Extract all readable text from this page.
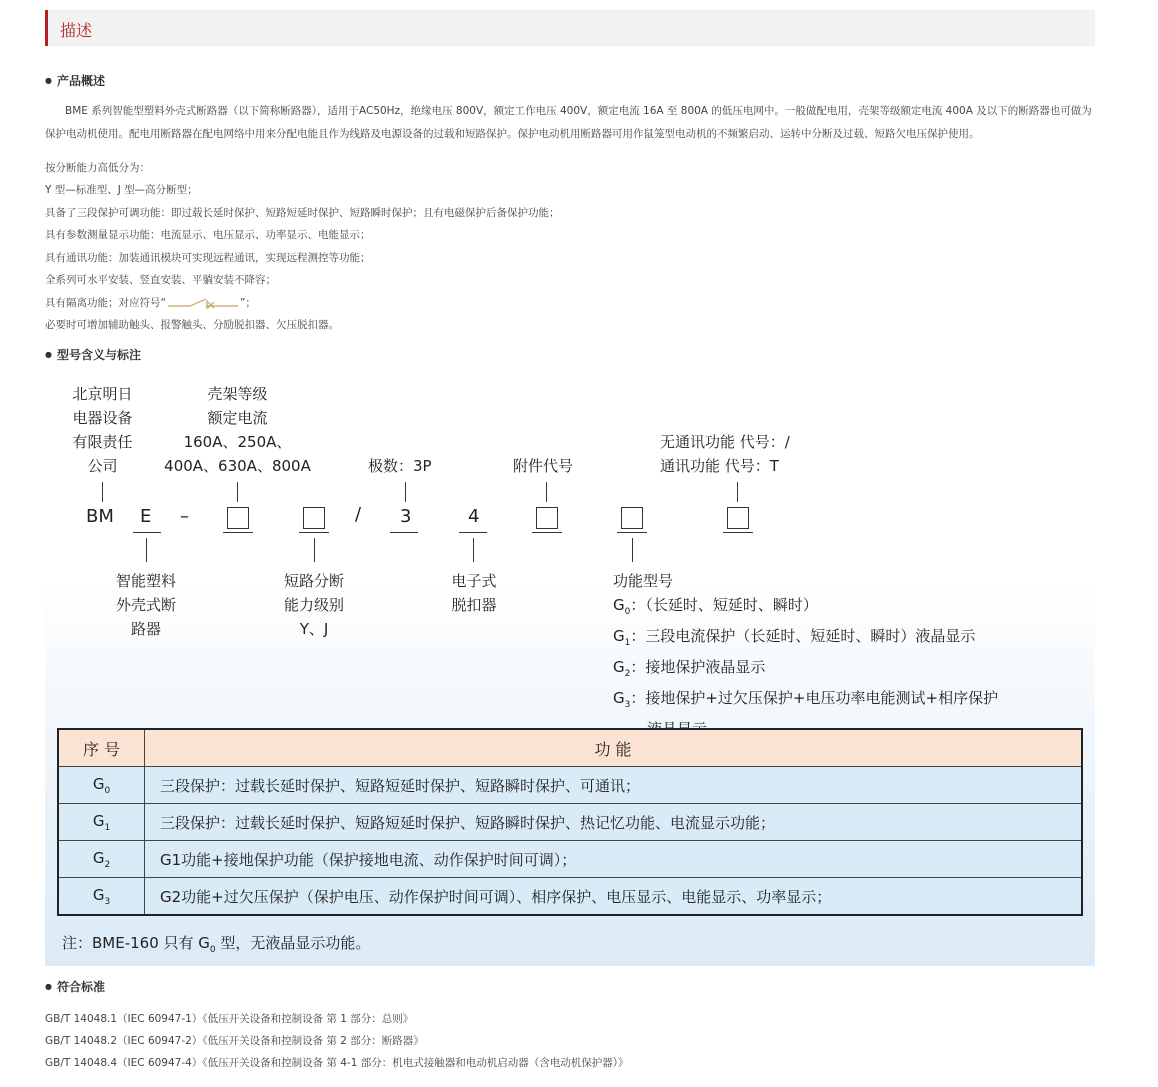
描述
● 产品概述
BME 系列智能型塑料外壳式断路器（以下简称断路器），适用于AC50Hz，绝缘电压 800V，额定工作电压 400V，额定电流 16A 至 800A 的低压电网中。一般做配电用，壳架等级额定电流 400A 及以下的断路器也可做为保护电动机使用。配电用断路器在配电网络中用来分配电能且作为线路及电源设备的过载和短路保护。保护电动机用断路器可用作鼠笼型电动机的不频繁启动、运转中分断及过载、短路欠电压保护使用。
按分断能力高低分为：
Y 型—标准型、J 型—高分断型；
具备了三段保护可调功能：即过载长延时保护、短路短延时保护、短路瞬时保护；且有电磁保护后备保护功能；
具有参数测量显示功能：电流显示、电压显示、功率显示、电能显示；
具有通讯功能：加装通讯模块可实现远程通讯，实现远程测控等功能；
全系列可水平安装、竖直安装、平躺安装不降容；
具有隔离功能；对应符号“	”；
必要时可增加辅助触头、报警触头、分励脱扣器、欠压脱扣器。
● 型号含义与标注
北京明日
电器设备
有限责任
公司
壳架等级
额定电流
160A、250A、
400A、630A、800A	极数：3P	附件代号
无通讯功能 代号：/
通讯功能 代号：T
BM E –	/ 3	4
智能塑料
外壳式断
路器
短路分断
能力级别
Y、J
电子式
脱扣器
功能型号
$G_0$：（长延时、短延时、瞬时）
$G_1$：三段电流保护（长延时、短延时、瞬时）液晶显示
$G_2$：接地保护液晶显示
$G_3$：接地保护+过欠压保护+电压功率电能测试+相序保护
序 号	功 能
$G_0$	三段保护：过载长延时保护、短路短延时保护、短路瞬时保护、可通讯；
$G_1$	三段保护：过载长延时保护、短路短延时保护、短路瞬时保护、热记忆功能、电流显示功能；
$G_2$	G1功能+接地保护功能（保护接地电流、动作保护时间可调）；
$G_3$	G2功能+过欠压保护（保护电压、动作保护时间可调）、相序保护、电压显示、电能显示、功率显示；
注：BME-160 只有 $G_0$ 型，无液晶显示功能。
● 符合标准
GB/T 14048.1（IEC 60947-1）《低压开关设备和控制设备 第 1 部分：总则》
GB/T 14048.2（IEC 60947-2）《低压开关设备和控制设备 第 2 部分：断路器》
GB/T 14048.4（IEC 60947-4）《低压开关设备和控制设备 第 4-1 部分：机电式接触器和电动机启动器（含电动机保护器）》
